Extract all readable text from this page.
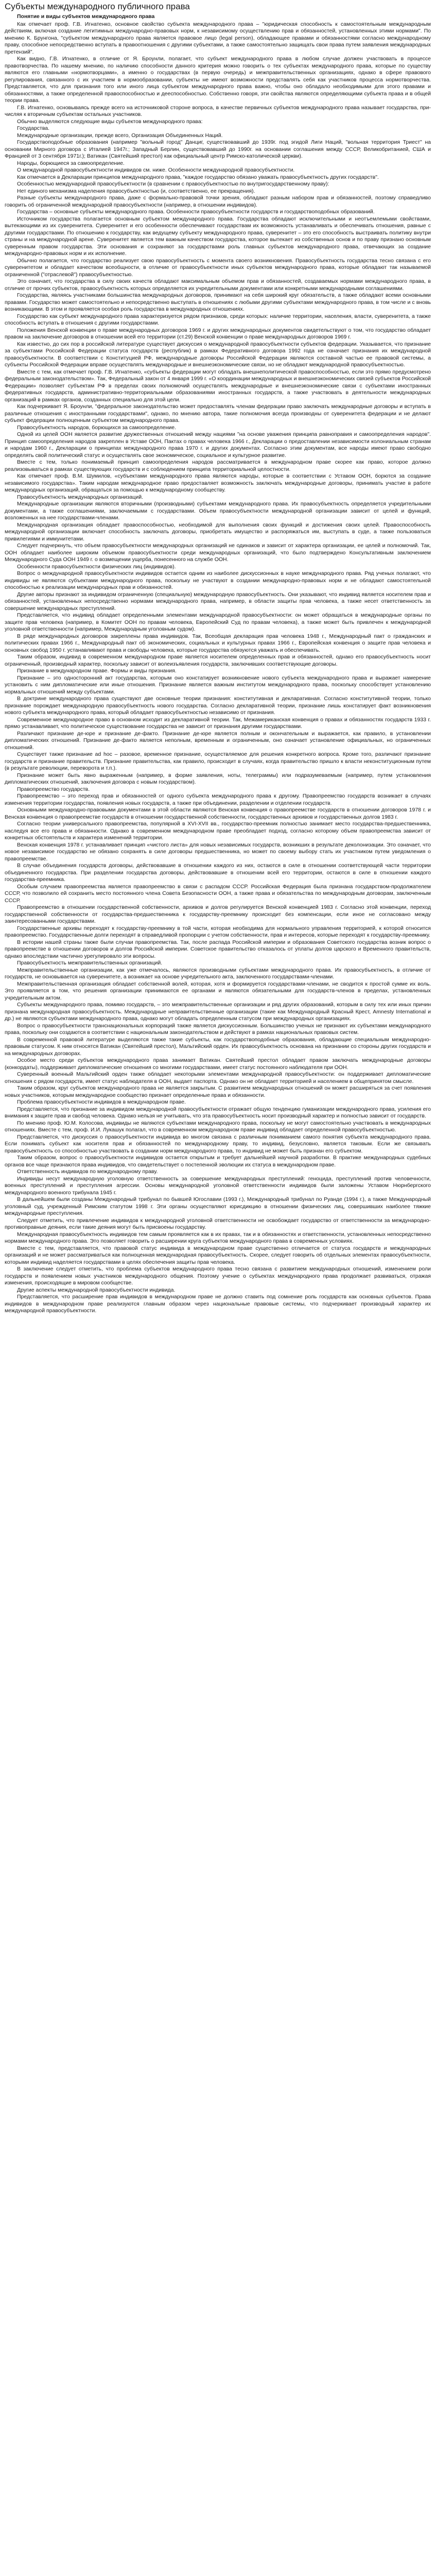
Субъекты международного публичного права
Понятие и виды субъектов международного права

Как отмечает проф. Г.В. Игнатенко, основное свойство субъекта международного права – "юридическая способность к самостоятельным международным действиям, включая создание легитимных международно-правовых норм, к независимому осуществлению прав и обязанностей, установленных этими нормами". По мнению К. Брунгона, "субъектом международного права является правовое лицо (legal person), обладающее правами и обязанностями согласно международному праву, способное непосредственно вступать в правоотношения с другими субъектами, а также самостоятельно защищать свои права путем заявления международных претензий".

Как видно, Г.В. Игнатенко, в отличие от Я. Броунли, полагает, что субъект международного права в любом случае должен участвовать в процессе правотворчества. По нашему мнению, по наличию способности данного критерия можно говорить о тех субъектах международного права, которые по существу являются его главными «нормотворцами», а именно о государствах (в первую очередь) и межправительственных организациях, однако в сфере правового регулирования, связанного с их участием в нормообразовании, субъекты не имеют возможности представлять себя как участников процесса нормотворчества. Представляется, что для признания того или иного лица субъектом международного права важно, чтобы оно обладало необходимыми для этого правами и обязанностями, а также определенной правоспособностью и дееспособностью. Собственно говоря, эти свойства являются определяющими субъекта права и в общей теории права.

Г.В. Игнатенко, основываясь прежде всего на источниковой стороне вопроса, в качестве первичных субъектов международного права называет государства, причисляя к вторичным субъектам остальных участников.

Обычно выделяются следующие виды субъектов международного права:

Государства.

Международные организации, прежде всего, Организация Объединенных Наций.

Государствоподобные образования (например "вольный город" Данциг, существовавший до 1939г. под эгидой Лиги Наций, "вольная территория Триест" на основании Мирного договора с Италией 1947г.; Западный Берлин, существовавший до 1990г. на основании соглашения между СССР, Великобританией, США и Францией от 3 сентября 1971г.); Ватикан (Святейший престол) как официальный центр Римско-католической церкви).

Народы, борющиеся за самоопределение.

О международной правосубъектности индивидов см. ниже. Особенности международной правосубъектности.

Как отмечается в Декларации принципов международного права, "каждое государство обязано уважать правосубъектность других государств".

Особенностью международной правосубъектности (в сравнении с правосубъектностью по внутригосударственному праву):

Нет единого механизма наделения правосубъектностью (и, соответственно, ее прекращения).

Разные субъекты международного права, даже с формально-правовой точки зрения, обладают разным набором прав и обязанностей, поэтому справедливо говорить об ограниченной международной правосубъектности (например, в отношении индивидов).

Государства – основные субъекты международного права. Особенности правосубъектности государств и государствоподобных образований.

Источником государства полагается основным субъектом международного права. Государства обладают исключительными и неотъемлемыми свойствами, вытекающими из их суверенитета. Суверенитет и его особенности обеспечивают государствам их возможность устанавливать и обеспечивать отношения, равные с другими государствами. По отношению к государству, как ведущему субъекту международного права, суверенитет – это его способность выстраивать политику внутри страны и на международной арене. Суверенитет является тем важным качеством государства, которое вытекает из собственных основ и по праву признано основным суверенным правом государства. Эти основания и сохраняют за государствами роль главных субъектов международного права, отвечающих за создание международно-правовых норм и их исполнение.

Обычно полагается, что государство реализует свою правосубъектность с момента своего возникновения. Правосубъектность государства тесно связана с его суверенитетом и обладает качеством всеобщности, в отличие от правосубъектности иных субъектов международного права, которые обладают так называемой ограниченной ("отраслевой") правосубъектностью.

Это означает, что государства в силу своих качеств обладают максимальным объемом прав и обязанностей, создаваемых нормами международного права, в отличие от прочих субъектов, правосубъектность которых определяется их учредительными документами или конкретными международными соглашениями.

Государства, являясь участниками большинства международных договоров, принимают на себя широкий круг обязательств, а также обладают всеми основными правами. Государство может самостоятельно и непосредственно выступать в отношениях с любыми другими субъектами международного права, в том числе и с вновь возникающими. В этом и проявляется особая роль государства в международных отношениях.

Государство как субъект международного права характеризуется рядом признаков, среди которых: наличие территории, населения, власти, суверенитета, а также способность вступать в отношения с другими государствами.

Положения Венской конвенции о праве международных договоров 1969 г. и других международных документов свидетельствуют о том, что государство обладает правом на заключение договоров в отношении всей его территории (ст.29) Венской конвенции о праве международных договоров 1969 г.

Как известно, до сих пор в российской литературе существует дискуссия о международной правосубъектности субъектов федерации. Указывается, что признание за субъектами Российской Федерации статуса государств (республик) в рамках Федеративного договора 1992 года не означает признания их международной правосубъектности. В соответствии с Конституцией РФ, международные договоры Российской Федерации являются составной частью ее правовой системы, а субъекты Российской Федерации вправе осуществлять международные и внешнеэкономические связи, но не обладают международной правосубъектностью.

Вместе с тем, как отмечает проф. Г.В. Игнатенко, «субъекты федерации могут обладать внешнеполитической правоспособностью, если это прямо предусмотрено федеральным законодательством». Так, Федеральный закон от 4 января 1999 г. «О координации международных и внешнеэкономических связей субъектов Российской Федерации» позволяет субъектам РФ в пределах своих полномочий осуществлять международные и внешнеэкономические связи с субъектами иностранных федеративных государств, административно-территориальными образованиями иностранных государств, а также участвовать в деятельности международных организаций в рамках органов, созданных специально для этой цели.

Как подчеркивает Я. Броунли, "федеральное законодательство может предоставлять членам федерации право заключать международные договоры и вступать в различные отношения с иностранными государствами", однако, по мнению автора, такие полномочия всегда производны от суверенитета федерации и не делают субъект федерации полноценным субъектом международного права.

Правосубъектность народов, борющихся за самоопределение.

Одной из целей ООН является развитие дружественных отношений между нациями "на основе уважения принципа равноправия и самоопределения народов". Принцип самоопределения народов закреплен в Уставе ООН, Пактах о правах человека 1966 г., Декларации о предоставлении независимости колониальным странам и народам 1960 г., Декларации о принципах международного права 1970 г. и других документах. Согласно этим документам, все народы имеют право свободно определять свой политический статус и осуществлять свое экономическое, социальное и культурное развитие.

Вместе с тем, только понимаемый принцип самоопределения народов рассматривается в международном праве скорее как право, которое должно реализовываться в рамках существующих государств и с соблюдением принципа территориальной целостности.

Как отмечает проф. В.М. Шумилов, «субъектами международного права являются народы, которые в соответствии с Уставом ООН, борются за создание независимого государства». Таким народам международное право предоставляет возможность заключать международные договоры, принимать участие в работе международных организаций, обращаться за помощью к международному сообществу.

Правосубъектность международных организаций.

Международные организации являются вторичными (производными) субъектами международного права. Их правосубъектность определяется учредительными документами, а также соглашениями, заключаемыми с государствами. Объем правосубъектности международной организации зависит от целей и функций, возложенных на нее государствами-членами.

Международная организация обладает правоспособностью, необходимой для выполнения своих функций и достижения своих целей. Правоспособность международной организации включает способность заключать договоры, приобретать имущество и распоряжаться им, выступать в суде, а также пользоваться привилегиями и иммунитетами.

Следует подчеркнуть, что объем правосубъектности международных организаций не одинаков и зависит от характера организации, ее целей и полномочий. Так, ООН обладает наиболее широким объемом правосубъектности среди международных организаций, что было подтверждено Консультативным заключением Международного Суда ООН 1949 г. о возмещении ущерба, понесенного на службе ООН.

Особенности правосубъектности физических лиц (индивидов).

Вопрос о международной правосубъектности индивидов остается одним из наиболее дискуссионных в науке международного права. Ряд ученых полагают, что индивиды не являются субъектами международного права, поскольку не участвуют в создании международно-правовых норм и не обладают самостоятельной способностью к реализации международных прав и обязанностей.

Другие авторы признают за индивидом ограниченную (специальную) международную правосубъектность. Они указывают, что индивид является носителем прав и обязанностей, установленных непосредственно нормами международного права, например, в области защиты прав человека, а также несет ответственность за совершение международных преступлений.

Представляется, что индивид обладает определенными элементами международной правосубъектности: он может обращаться в международные органы по защите прав человека (например, в Комитет ООН по правам человека, Европейский Суд по правам человека), а также может быть привлечен к международной уголовной ответственности (например, Международным уголовным судом).

В ряде международных договоров закреплены права индивидов. Так, Всеобщая декларация прав человека 1948 г., Международный пакт о гражданских и политических правах 1966 г., Международный пакт об экономических, социальных и культурных правах 1966 г., Европейская конвенция о защите прав человека и основных свобод 1950 г. устанавливают права и свободы человека, которые государства обязуются уважать и обеспечивать.

Таким образом, индивид в современном международном праве является носителем определенных прав и обязанностей, однако его правосубъектность носит ограниченный, производный характер, поскольку зависит от волеизъявления государств, заключивших соответствующие договоры.

Признание в международном праве. Формы и виды признания.

Признание – это односторонний акт государства, которым оно констатирует возникновение нового субъекта международного права и выражает намерение установить с ним дипломатические или иные отношения. Признание является важным институтом международного права, поскольку способствует установлению нормальных отношений между субъектами.

В доктрине международного права существуют две основные теории признания: конститутивная и декларативная. Согласно конститутивной теории, только признание порождает международную правосубъектность нового государства. Согласно декларативной теории, признание лишь констатирует факт возникновения нового субъекта международного права, который обладает правосубъектностью независимо от признания.

Современное международное право в основном исходит из декларативной теории. Так, Межамериканская конвенция о правах и обязанностях государств 1933 г. прямо устанавливает, что политическое существование государства не зависит от признания другими государствами.

Различают признание де-юре и признание де-факто. Признание де-юре является полным и окончательным и выражается, как правило, в установлении дипломатических отношений. Признание де-факто является неполным, временным и ограниченным, оно означает установление официальных, но ограниченных отношений.

Существует также признание ad hoc – разовое, временное признание, осуществляемое для решения конкретного вопроса. Кроме того, различают признание государств и признание правительств. Признание правительства, как правило, происходит в случаях, когда правительство пришло к власти неконституционным путем (в результате революции, переворота и т.п.).

Признание может быть явно выраженным (например, в форме заявления, ноты, телеграммы) или подразумеваемым (например, путем установления дипломатических отношений, заключения договора с новым государством).

Правопреемство государств.

Правопреемство – это переход прав и обязанностей от одного субъекта международного права к другому. Правопреемство государств возникает в случаях изменения территории государства, появления новых государств, а также при объединении, разделении и отделении государств.

Основными международно-правовыми документами в этой области являются Венская конвенция о правопреемстве государств в отношении договоров 1978 г. и Венская конвенция о правопреемстве государств в отношении государственной собственности, государственных архивов и государственных долгов 1983 г.

Согласно теории универсального правопреемства, популярной в XVI-XVII вв., государство-преемник полностью занимает место государства-предшественника, наследуя все его права и обязанности. Однако в современном международном праве преобладает подход, согласно которому объем правопреемства зависит от конкретных обстоятельств и характера изменений территории.

Венская конвенция 1978 г. устанавливает принцип «чистого листа» для новых независимых государств, возникших в результате деколонизации. Это означает, что новое независимое государство не обязано сохранять в силе договоры предшественника, но может по своему выбору стать их участником путем уведомления о правопреемстве.

В случае объединения государств договоры, действовавшие в отношении каждого из них, остаются в силе в отношении соответствующей части территории объединенного государства. При разделении государства договоры, действовавшие в отношении всей его территории, остаются в силе в отношении каждого государства-преемника.

Особым случаем правопреемства является правопреемство в связи с распадом СССР. Российская Федерация была признана государством-продолжателем СССР, что позволило ей сохранить место постоянного члена Совета Безопасности ООН, а также права и обязательства по международным договорам, заключенным СССР.

Правопреемство в отношении государственной собственности, архивов и долгов регулируется Венской конвенцией 1983 г. Согласно этой конвенции, переход государственной собственности от государства-предшественника к государству-преемнику происходит без компенсации, если иное не согласовано между заинтересованными государствами.

Государственные архивы переходят к государству-преемнику в той части, которая необходима для нормального управления территорией, к которой относится правопреемство. Государственные долги переходят в справедливой пропорции с учетом собственности, прав и интересов, которые переходят к государству-преемнику.

В истории нашей страны также были случаи правопреемства. Так, после распада Российской империи и образования Советского государства возник вопрос о правопреемстве в отношении договоров и долгов Российской империи. Советское правительство отказалось от уплаты долгов царского и Временного правительств, однако впоследствии частично урегулировало эти вопросы.

Правосубъектность межправительственных организаций.

Межправительственные организации, как уже отмечалось, являются производными субъектами международного права. Их правосубъектность, в отличие от государств, не основывается на суверенитете, а возникает на основе учредительного акта, заключенного государствами-членами.

Межправительственная организация обладает собственной волей, которая, хотя и формируется государствами-членами, не сводится к простой сумме их воль. Это проявляется в том, что решения организации принимаются ее органами и являются обязательными для государств-членов в пределах, установленных учредительным актом.

Субъекты международного права, помимо государств, – это межправительственные организации и ряд других образований, которым в силу тех или иных причин признана международная правосубъектность. Международные неправительственные организации (такие как Международный Красный Крест, Amnesty International и др.) не являются субъектами международного права, однако могут обладать определенным статусом при международных организациях.

Вопрос о правосубъектности транснациональных корпораций также является дискуссионным. Большинство ученых не признают их субъектами международного права, поскольку они создаются в соответствии с национальным законодательством и действуют в рамках национальных правовых систем.

В современной правовой литературе выделяются также такие субъекты, как государствоподобные образования, обладающие специальным международно-правовым статусом. К ним относятся Ватикан (Святейший престол), Мальтийский орден. Их правосубъектность основана на признании со стороны других государств и на международных договорах.

Особое место среди субъектов международного права занимает Ватикан. Святейший престол обладает правом заключать международные договоры (конкордаты), поддерживает дипломатические отношения со многими государствами, имеет статус постоянного наблюдателя при ООН.

Суверенный военный Мальтийский орден также обладает некоторыми элементами международной правосубъектности: он поддерживает дипломатические отношения с рядом государств, имеет статус наблюдателя в ООН, выдает паспорта. Однако он не обладает территорией и населением в общепринятом смысле.

Таким образом, круг субъектов международного права не является закрытым. С развитием международных отношений он может расширяться за счет появления новых участников, которым международное сообщество признает определенные права и обязанности.

Проблема правосубъектности индивидов в международном праве.

Представляется, что признание за индивидом международной правосубъектности отражает общую тенденцию гуманизации международного права, усиления его внимания к защите прав и свобод человека. Однако нельзя не учитывать, что эта правосубъектность носит производный характер и полностью зависит от государств.

По мнению проф. Ю.М. Колосова, индивиды не являются субъектами международного права, поскольку не могут самостоятельно участвовать в международных отношениях. Вместе с тем, проф. И.И. Лукашук полагал, что в современном международном праве индивид обладает определенной правосубъектностью.

Представляется, что дискуссия о правосубъектности индивида во многом связана с различным пониманием самого понятия субъекта международного права. Если понимать субъект как носителя прав и обязанностей по международному праву, то индивид, безусловно, является таковым. Если же связывать правосубъектность со способностью участвовать в создании норм международного права, то индивид не может быть признан его субъектом.

Таким образом, вопрос о правосубъектности индивидов остается открытым и требует дальнейшей научной разработки. В практике международных судебных органов все чаще признаются права индивидов, что свидетельствует о постепенной эволюции их статуса в международном праве.

Ответственность индивидов по международному праву.

Индивиды несут международную уголовную ответственность за совершение международных преступлений: геноцида, преступлений против человечности, военных преступлений и преступления агрессии. Основы международной уголовной ответственности индивидов были заложены Уставом Нюрнбергского международного военного трибунала 1945 г.

В дальнейшем были созданы Международный трибунал по бывшей Югославии (1993 г.), Международный трибунал по Руанде (1994 г.), а также Международный уголовный суд, учрежденный Римским статутом 1998 г. Эти органы осуществляют юрисдикцию в отношении физических лиц, совершивших наиболее тяжкие международные преступления.

Следует отметить, что привлечение индивидов к международной уголовной ответственности не освобождает государство от ответственности за международно-противоправные деяния, если такие деяния могут быть присвоены государству.

Международная правосубъектность индивидов тем самым проявляется как в их правах, так и в обязанностях и ответственности, установленных непосредственно нормами международного права. Это позволяет говорить о расширении круга субъектов международного права в современных условиях.

Вместе с тем, представляется, что правовой статус индивида в международном праве существенно отличается от статуса государств и международных организаций и не может рассматриваться как полноценная международная правосубъектность. Скорее, следует говорить об отдельных элементах правосубъектности, которыми индивид наделяется государствами в целях обеспечения защиты прав человека.

В заключение следует отметить, что проблема субъектов международного права тесно связана с развитием международных отношений, изменением роли государств и появлением новых участников международного общения. Поэтому учение о субъектах международного права продолжает развиваться, отражая изменения, происходящие в мировом сообществе.

Другие аспекты международной правосубъектности индивида.

Представляется, что расширение прав индивидов в международном праве не должно ставить под сомнение роль государств как основных субъектов. Права индивидов в международном праве реализуются главным образом через национальные правовые системы, что подчеркивает производный характер их международной правосубъектности.
